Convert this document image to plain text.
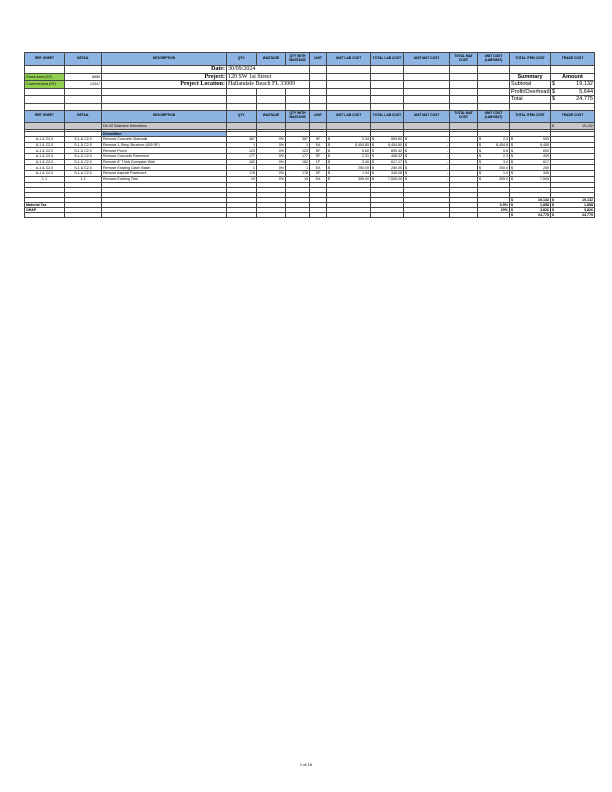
REF. SHEET	DETAIL	DESCRIPTION	QTY.	WASTAGE	QTY WITH WASTAGE	UNIT	UNIT LAB COST	TOTAL LAB COST	UNIT MAT COST	TOTAL MAT COST	UNIT COST (LAB+MAT)	TOTAL ITEM COST	TRADE COST
		Date:	30/09/2024										
Gross Area (SF)	6889	Project:	120 SW 1st Street									Summary	Amount
Covered Area (SF)	13347	Project Location:	Hallandale Beach FL 33009									Subtotal	$ 19,132

												Profit/Overhead	$ 5,644

												Total	$ 24,775

REF. SHEET	DETAIL	DESCRIPTION	QTY.	WASTAGE	QTY WITH WASTAGE	UNIT	UNIT LAB COST	TOTAL LAB COST	UNIT MAT COST	TOTAL MAT COST	UNIT COST (LAB+MAT)	TOTAL ITEM COST	TRADE COST
		Div 02 Selective Demolition											$ 19,132

		Demolition											
A-1 & C2.0	S-1 & C2.0	Remove Concrete Sidewalk	387	0%	387	SF	$ 2.34	$ 899.60	$ -		$ 2.3	$ 900	

A-1 & C2.0	S-1 & C2.0	Remove 1-Story Structure (830 SF)	1	0%	1	EA	$ 8,454.80	$ 8,454.80	$ -		$ 8,454.8	$ 8,455	

A-1 & C2.0	S-1 & C2.0	Remove Porch	123	0%	123	SF	$ 5.60	$ 690.42	$ -		$ 5.6	$ 690	

A-1 & C2.0	S-1 & C2.0	Remove Concrete Pavement	177	0%	177	SF	$ 2.31	$ 408.32	$ -		$ 2.3	$ 409	

A-1 & C2.0	S-1 & C2.0	Remove 8" Thick Dumpster Wall	182	0%	182	LF	$ 3.40	$ 617.17	$ -		$ 3.4	$ 617	

A-1 & C2.0	S-1 & C2.0	Remove Existing Catch Basin	1	0%	1	EA	$ 250.00	$ 250.00	$ -		$ 250.0	$ 250	

A-1 & C2.0	S-1 & C2.0	Remove Asphalt Pavement	178	0%	178	SF	$ 1.94	$ 346.08	$ -		$ 1.9	$ 346	

1-1	1-1	Remove Existing Tree	19	0%	19	EA	$ 395.00	$ 7,505.00	$ -		$ 395.0	$ 7,505	

												$ 19,132	$ 19,132

Material Tax											6.5%	$ 1,858	$ 1,858

OH&P											20%	$ 3,826	$ 3,826

												$ 24,775	$ 24,775
1 of 16
